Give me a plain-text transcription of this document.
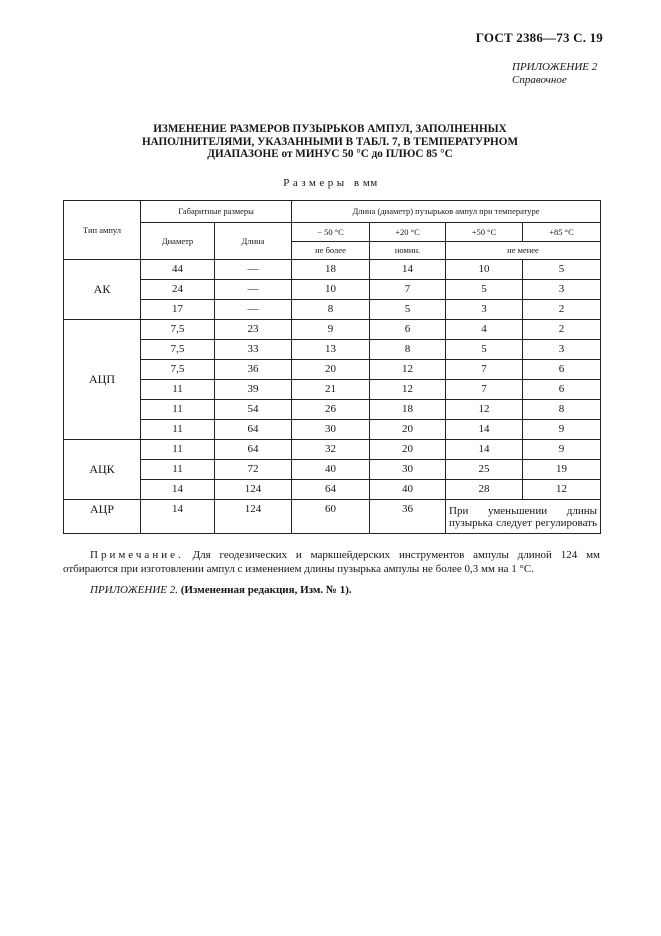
ГОСТ 2386—73 С. 19
ПРИЛОЖЕНИЕ 2
Справочное
ИЗМЕНЕНИЕ РАЗМЕРОВ ПУЗЫРЬКОВ АМПУЛ, ЗАПОЛНЕННЫХ
НАПОЛНИТЕЛЯМИ, УКАЗАННЫМИ В ТАБЛ. 7, В ТЕМПЕРАТУРНОМ
ДИАПАЗОНЕ от МИНУС 50 °С до ПЛЮС 85 °С
Размеры в мм
Тип ампул	Габаритные размеры		Длина (диаметр) пузырьков ампул при температуре			
	Диаметр	Длина	− 50 °С	+20 °С	+50 °С	+85 °С
			не более	номин.	не менее	
АК	44	—	18	14	10	5
	24	—	10	7	5	3
	17	—	8	5	3	2
АЦП	7,5	23	9	6	4	2
	7,5	33	13	8	5	3
	7,5	36	20	12	7	6
	11	39	21	12	7	6
	11	54	26	18	12	8
	11	64	30	20	14	9
АЦК	11	64	32	20	14	9
	11	72	40	30	25	19
	14	124	64	40	28	12
АЦР	14	124	60	36	При уменьшении длины пузырька следует регулировать	
Примечание. Для геодезических и маркшейдерских инструментов ампулы длиной 124 мм отбираются при изготовлении ампул с изменением длины пузырька ампулы не более 0,3 мм на 1 °С.
ПРИЛОЖЕНИЕ 2. (Измененная редакция, Изм. № 1).
